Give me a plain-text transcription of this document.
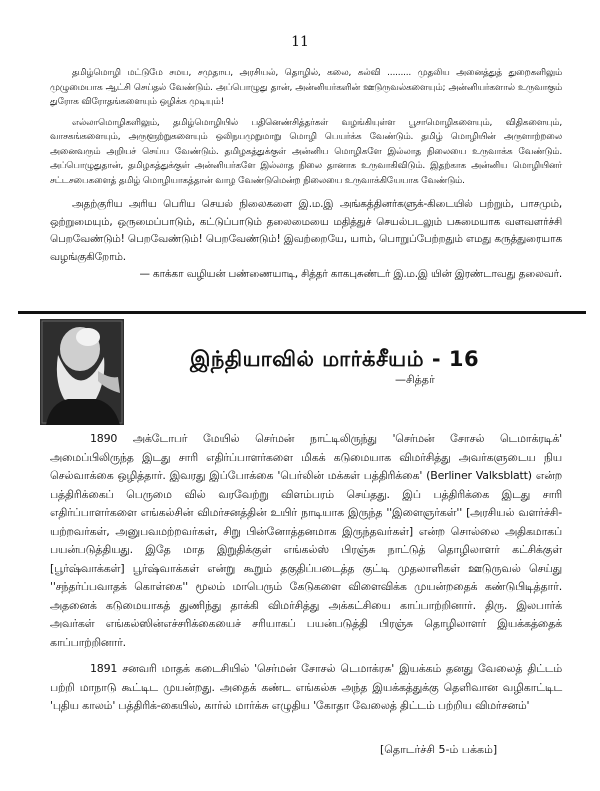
11

தமிழ்மொழி மட்டுமே சமய, சமுதாய, அரசியல், தொழில், கலை, கல்வி ......... முதலிய அனைத்துத் துறைகளிலும் முழுமையாக ஆட்சி செய்தல் வேண்டும். அப்பொழுது தான், அன்னியர்களின் ஊடுருவல்களையும்; அன்னியர்களால் உருவாகும் துரோக விரோதங்களையும் ஒழிக்க முடியும்!

எல்லாமொழிகளிலும், தமிழ்மொழியில் பதினெண்சித்தர்கள் வழங்கியுள்ள பூசாமொழிகளையும், விதிகளையும், வாசகங்களையும், அருளூற்றுகளையும் ஒலிநயமுறுமாறு மொழி பெயர்க்க வேண்டும். தமிழ் மொழியின் அருளாற்றலை அனைவரும் அறியச் செய்ய வேண்டும். தமிழகத்துக்குள் அன்னிய மொழிகளே இல்லாத நிலையை உருவாக்க வேண்டும். அப்பொழுதுதான், தமிழகத்துக்குள் அன்னியர்களே இல்லாத நிலை தானாக உருவாகிவிடும். இதற்காக அன்னிய மொழியினர் சட்டசபைகளைத் தமிழ் மொழியாகத்தான் வாழ வேண்டுமென்ற நிலையை உருவாக்கியேயாக வேண்டும்.

அதற்குரிய அரிய பெரிய செயல் நிலைகளை இ.ம.இ அங்கத்தினர்களுக்-கிடையில் பற்றும், பாசமும், ஒற்றுமையும், ஒருமைப்பாடும், கட்டுப்பாடும் தலைமையை மதித்துச் செயல்படலும் பசுமையாக வளவளர்ச்சி பெறவேண்டும்! பெறவேண்டும்! பெறவேண்டும்! இவற்றையே, யாம், பொறுப்பேற்றதும் எமது கருத்துரையாக வழங்குகிறோம்.

— காக்கா வழியன் பண்ணையாடி, சித்தர் காகபுசுண்டர் இ.ம.இ யின் இரண்டாவது தலைவர்.

இந்தியாவில் மார்க்சீயம் - 16
—சித்தர்

1890 அக்டோபர் மேயில் செர்மன் நாட்டிலிருந்து 'செர்மன் சோசல் டெமாக்ரடிக்' அமைப்பிலிருந்த இடது சாரி எதிர்ப்பாளர்களை மிகக் கடுமையாக விமர்சித்து அவர்களுடைய நிய செல்வாக்கை ஒழித்தார். இவரது இப்போக்கை 'பெர்லின் மக்கள் பத்திரிக்கை' (Berliner Valksblatt) என்ற பத்திரிக்கைப் பெருமை வில் வரவேற்று விளம்பரம் செய்தது. இப் பத்திரிக்கை இடது சாரி எதிர்ப்பாளர்களை எங்கல்சின் விமர்சனத்தின் உயிர் நாடியாக இருந்த ''இளைஞர்கள்'' [அரசியல் வளர்ச்சி-யற்றவர்கள், அனுபவமற்றவர்கள், சிறு பின்னோத்தனமாக இருந்தவர்கள்] என்ற சொல்லை அதிகமாகப் பயன்படுத்தியது. இதே மாத இறுதிக்குள் எங்கல்ஸ் பிரஞ்சு நாட்டுத் தொழிலாளர் கட்சிக்குள் [பூர்ஷ்வாக்கள்] பூர்ஷ்வாக்கள் என்று கூறும் தகுதிப்படைத்த குட்டி முதலாளிகள் ஊடுருவல் செய்து ''சந்தர்ப்பவாதக் கொள்கை'' மூலம் மாபெரும் கேடுகளை விளைவிக்க முயன்றதைக் கண்டுபிடித்தார். அதனைக் கடுமையாகத் துணிந்து தாக்கி விமர்சித்து அக்கட்சியை காப்பாற்றினார். திரு. இலபார்க் அவர்கள் எங்கல்ஸின்எச்சரிக்கையைச் சரியாகப் பயன்படுத்தி பிரஞ்சு தொழிலாளர் இயக்கத்தைக் காப்பாற்றினார்.

1891 சனவரி மாதக் கடைசியில் 'செர்மன் சோசல் டெமாக்ரசு' இயக்கம் தனது வேலைத் திட்டம் பற்றி மாநாடு கூட்டிட முயன்றது. அதைக் கண்ட எங்கல்சு அந்த இயக்கத்துக்கு தெளிவான வழிகாட்டிட 'புதிய காலம்' பத்திரிக்-கையில், கார்ல் மார்க்சு எழுதிய 'கோதா வேலைத் திட்டம் பற்றிய விமர்சனம்'

[தொடர்ச்சி 5-ம் பக்கம்]
